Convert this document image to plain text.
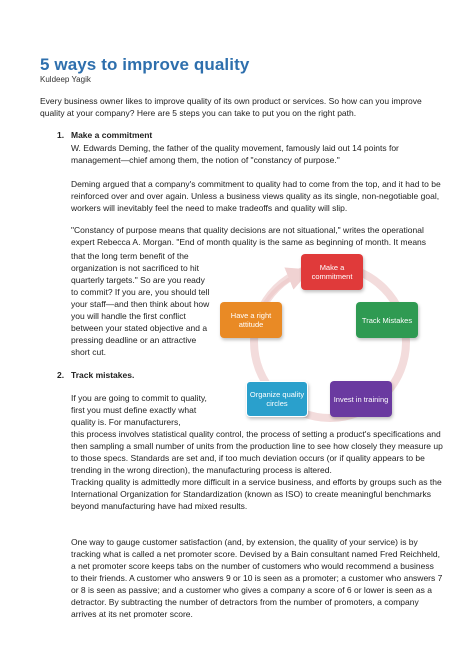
5 ways to improve quality
Kuldeep Yagik

Every business owner likes to improve quality of its own product or services. So how can you improve quality at your company? Here are 5 steps you can take to put you on the right path.

1. Make a commitment

W. Edwards Deming, the father of the quality movement, famously laid out 14 points for management—chief among them, the notion of "constancy of purpose."

Deming argued that a company's commitment to quality had to come from the top, and it had to be reinforced over and over again. Unless a business views quality as its single, non-negotiable goal, workers will inevitably feel the need to make tradeoffs and quality will slip.

"Constancy of purpose means that quality decisions are not situational," writes the operational expert Rebecca A. Morgan. "End of month quality is the same as beginning of month. It means

that the long term benefit of the organization is not sacrificed to hit quarterly targets." So are you ready to commit? If you are, you should tell your staff—and then think about how you will handle the first conflict between your stated objective and a pressing deadline or an attractive short cut.

2. Track mistakes.

If you are going to commit to quality, first you must define exactly what quality is. For manufacturers,

this process involves statistical quality control, the process of setting a product's specifications and then sampling a small number of units from the production line to see how closely they measure up to those specs. Standards are set and, if too much deviation occurs (or if quality appears to be trending in the wrong direction), the manufacturing process is altered.

Tracking quality is admittedly more difficult in a service business, and efforts by groups such as the International Organization for Standardization (known as ISO) to create meaningful benchmarks beyond manufacturing have had mixed results.

One way to gauge customer satisfaction (and, by extension, the quality of your service) is by tracking what is called a net promoter score. Devised by a Bain consultant named Fred Reichheld, a net promoter score keeps tabs on the number of customers who would recommend a business to their friends. A customer who answers 9 or 10 is seen as a promoter; a customer who answers 7 or 8 is seen as passive; and a customer who gives a company a score of 6 or lower is seen as a detractor. By subtracting the number of detractors from the number of promoters, a company arrives at its net promoter score.

Make a commitment
Track Mistakes
Invest in training
Organize quality circles
Have a right attitude
